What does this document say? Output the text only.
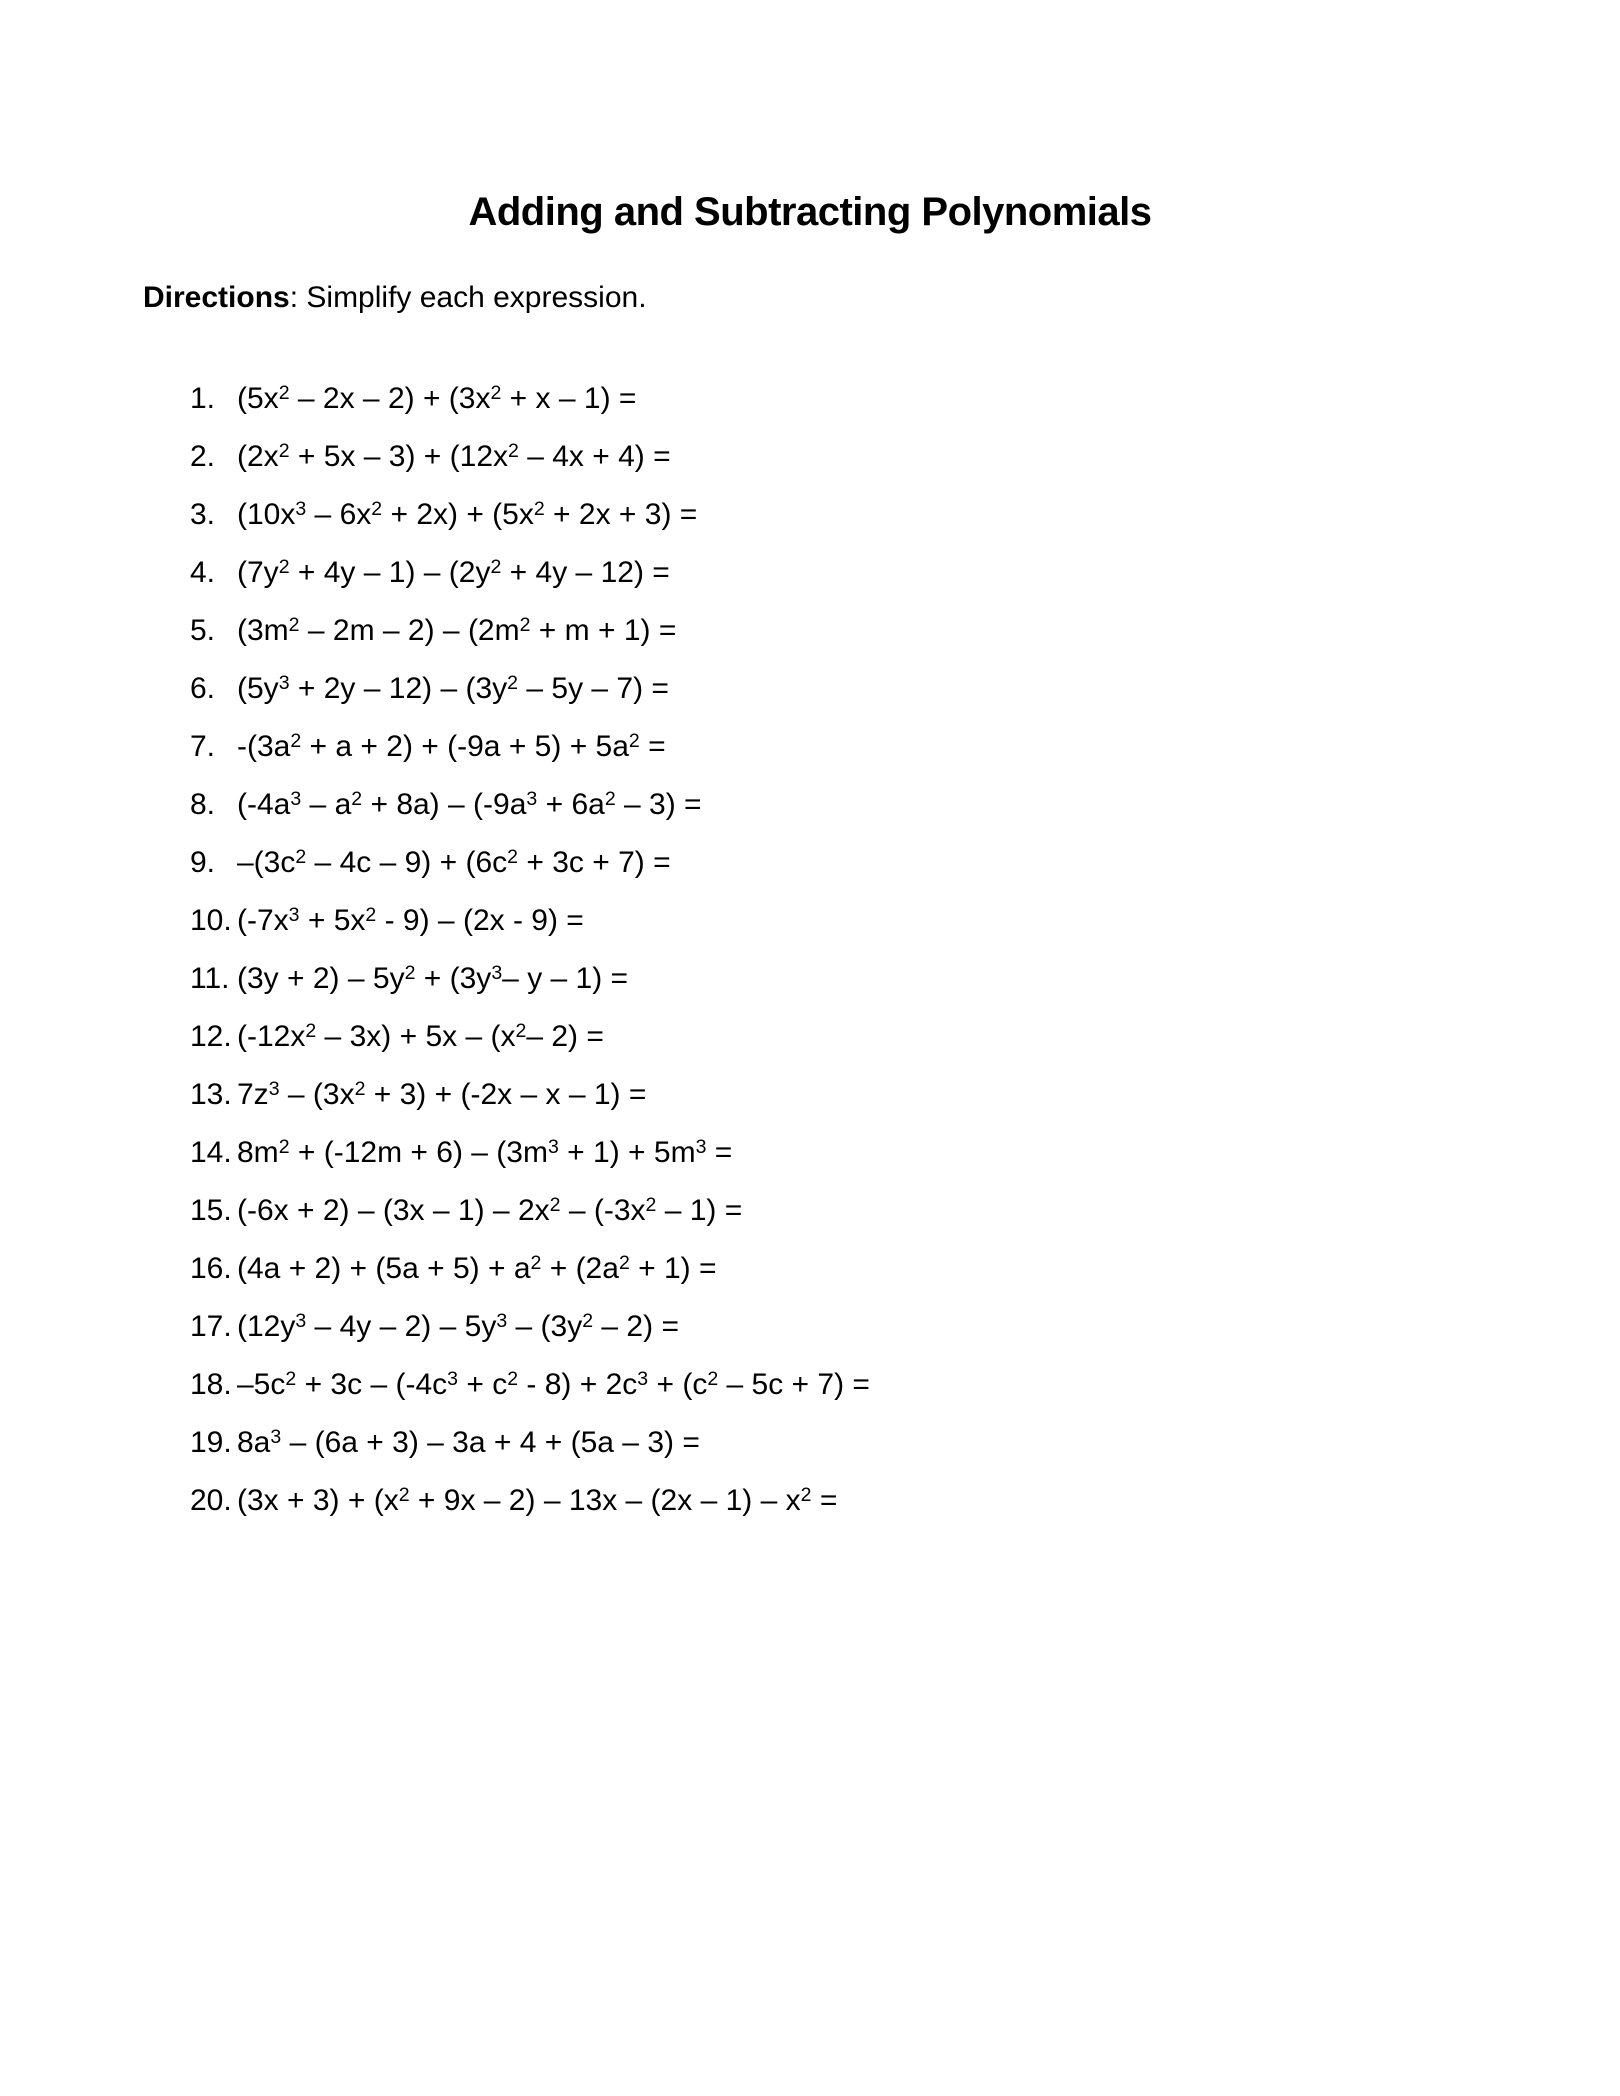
Adding and Subtracting Polynomials

Directions: Simplify each expression.

1. $(5x^2 - 2x - 2) + (3x^2 + x - 1)$ =
2. $(2x^2 + 5x - 3) + (12x^2 - 4x + 4)$ =
3. $(10x^3 - 6x^2 + 2x) + (5x^2 + 2x + 3)$ =
4. $(7y^2 + 4y - 1) - (2y^2 + 4y - 12)$ =
5. $(3m^2 - 2m - 2) - (2m^2 + m + 1)$ =
6. $(5y^3 + 2y - 12) - (3y^2 - 5y - 7)$ =
7. $-(3a^2 + a + 2) + (-9a + 5) + 5a^2$ =
8. $(-4a^3 - a^2 + 8a) - (-9a^3 + 6a^2 - 3)$ =
9. $-(3c^2 - 4c - 9) + (6c^2 + 3c + 7)$ =
10. $(-7x^3 + 5x^2 - 9) - (2x - 9)$ =
11. $(3y + 2) - 5y^2 + (3y^3-$ y – 1) =
12. $(-12x^2 - 3x) + 5x - (x^2-$ 2) =
13. $7z^3 - (3x^2 + 3) + (-2x - x - 1)$ =
14. $8m^2 + (-12m + 6) - (3m^3 + 1) + 5m^3$ =
15. $(-6x + 2) - (3x - 1) - 2x^2 - (-3x^2 - 1)$ =
16. $(4a + 2) + (5a + 5) + a^2 + (2a^2 + 1)$ =
17. $(12y^3 - 4y - 2) - 5y^3 - (3y^2 - 2)$ =
18. $-5c^2 + 3c - (-4c^3 + c^2 - 8) + 2c^3 + (c^2 - 5c + 7)$ =
19. $8a^3 - (6a + 3) - 3a + 4 + (5a - 3)$ =
20. $(3x + 3) + (x^2 + 9x - 2) - 13x - (2x - 1) - x^2$ =
